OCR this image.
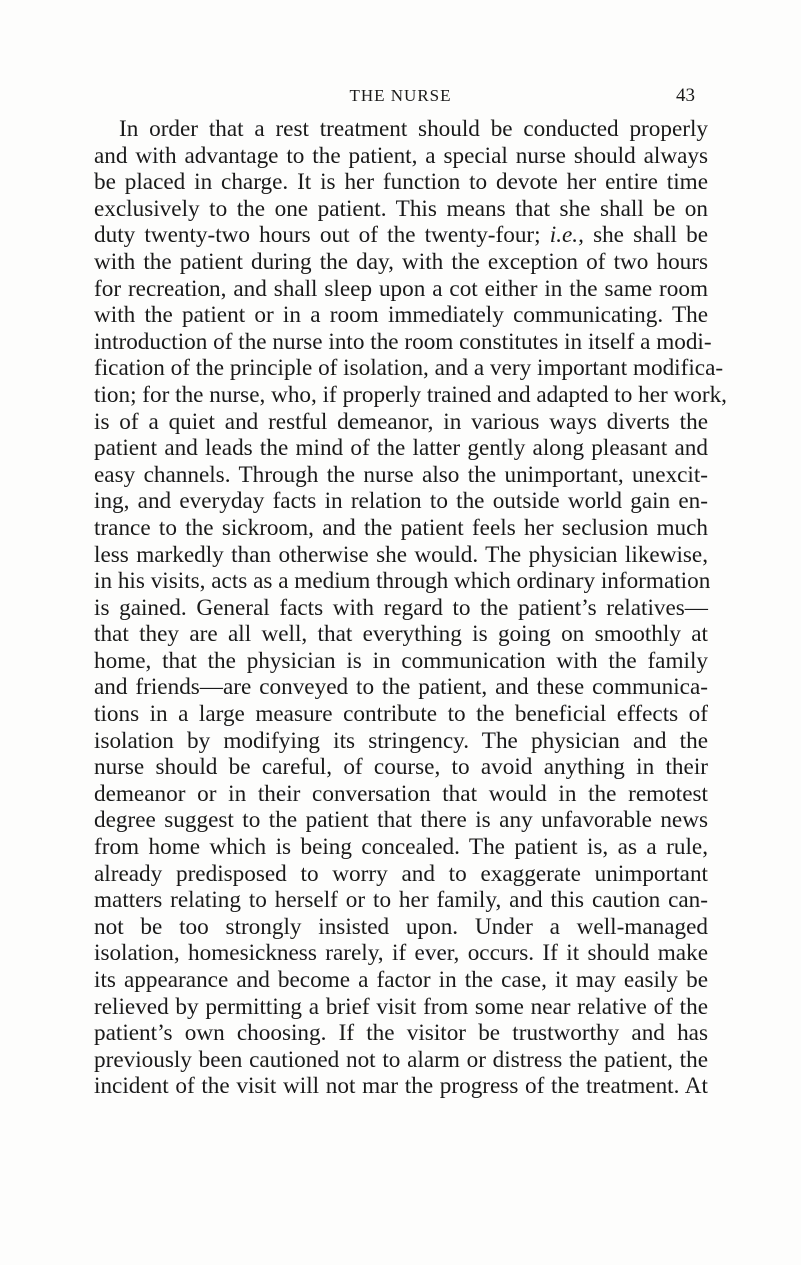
THE NURSE	43
In order that a rest treatment should be conducted properly
and with advantage to the patient, a special nurse should always
be placed in charge. It is her function to devote her entire time
exclusively to the one patient. This means that she shall be on
duty twenty-two hours out of the twenty-four; i.e., she shall be
with the patient during the day, with the exception of two hours
for recreation, and shall sleep upon a cot either in the same room
with the patient or in a room immediately communicating. The
introduction of the nurse into the room constitutes in itself a modi-
fication of the principle of isolation, and a very important modifica-
tion; for the nurse, who, if properly trained and adapted to her work,
is of a quiet and restful demeanor, in various ways diverts the
patient and leads the mind of the latter gently along pleasant and
easy channels. Through the nurse also the unimportant, unexcit-
ing, and everyday facts in relation to the outside world gain en-
trance to the sickroom, and the patient feels her seclusion much
less markedly than otherwise she would. The physician likewise,
in his visits, acts as a medium through which ordinary information
is gained. General facts with regard to the patient’s relatives—
that they are all well, that everything is going on smoothly at
home, that the physician is in communication with the family
and friends—are conveyed to the patient, and these communica-
tions in a large measure contribute to the beneficial effects of
isolation by modifying its stringency. The physician and the
nurse should be careful, of course, to avoid anything in their
demeanor or in their conversation that would in the remotest
degree suggest to the patient that there is any unfavorable news
from home which is being concealed. The patient is, as a rule,
already predisposed to worry and to exaggerate unimportant
matters relating to herself or to her family, and this caution can-
not be too strongly insisted upon. Under a well-managed
isolation, homesickness rarely, if ever, occurs. If it should make
its appearance and become a factor in the case, it may easily be
relieved by permitting a brief visit from some near relative of the
patient’s own choosing. If the visitor be trustworthy and has
previously been cautioned not to alarm or distress the patient, the
incident of the visit will not mar the progress of the treatment. At
